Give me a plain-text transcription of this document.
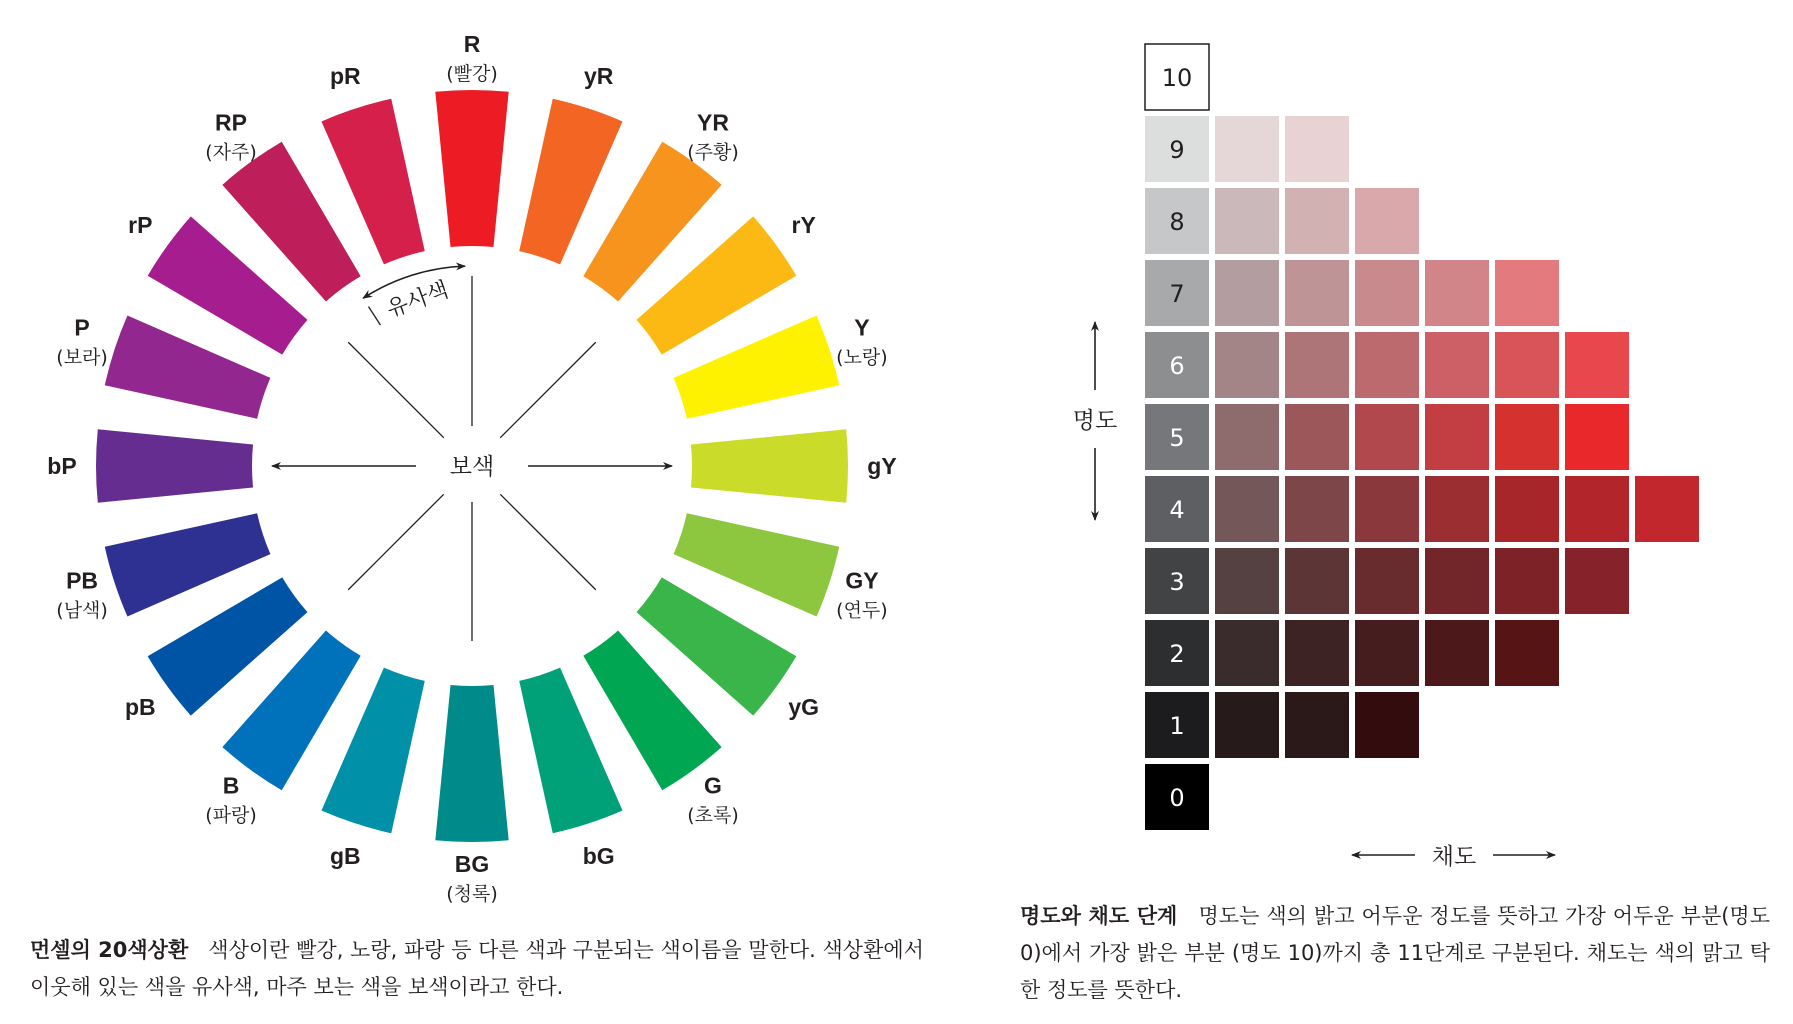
R
(빨강)	yR
YR
(주황)
rY
Y
(노랑)
gY
GY
(연두)
yG
G
(초록)
bG
BG
(청록)
gB
B
(파랑)
pB
PB
(남색)
bP
P
(보라)
rP
RP
(자주)
pR
보색
유사색
10
9
8
7
6
5
4
3
2
1
0
명도
채도
먼셀의 20색상환 색상이란 빨강, 노랑, 파랑 등 다른 색과 구분되는 색이름을 말한다. 색상환에서 이웃해 있는 색을 유사색, 마주 보는 색을 보색이라고 한다.
명도와 채도 단계 명도는 색의 밝고 어두운 정도를 뜻하고 가장 어두운 부분(명도 0)에서 가장 밝은 부분 (명도 10)까지 총 11단계로 구분된다. 채도는 색의 맑고 탁한 정도를 뜻한다.
